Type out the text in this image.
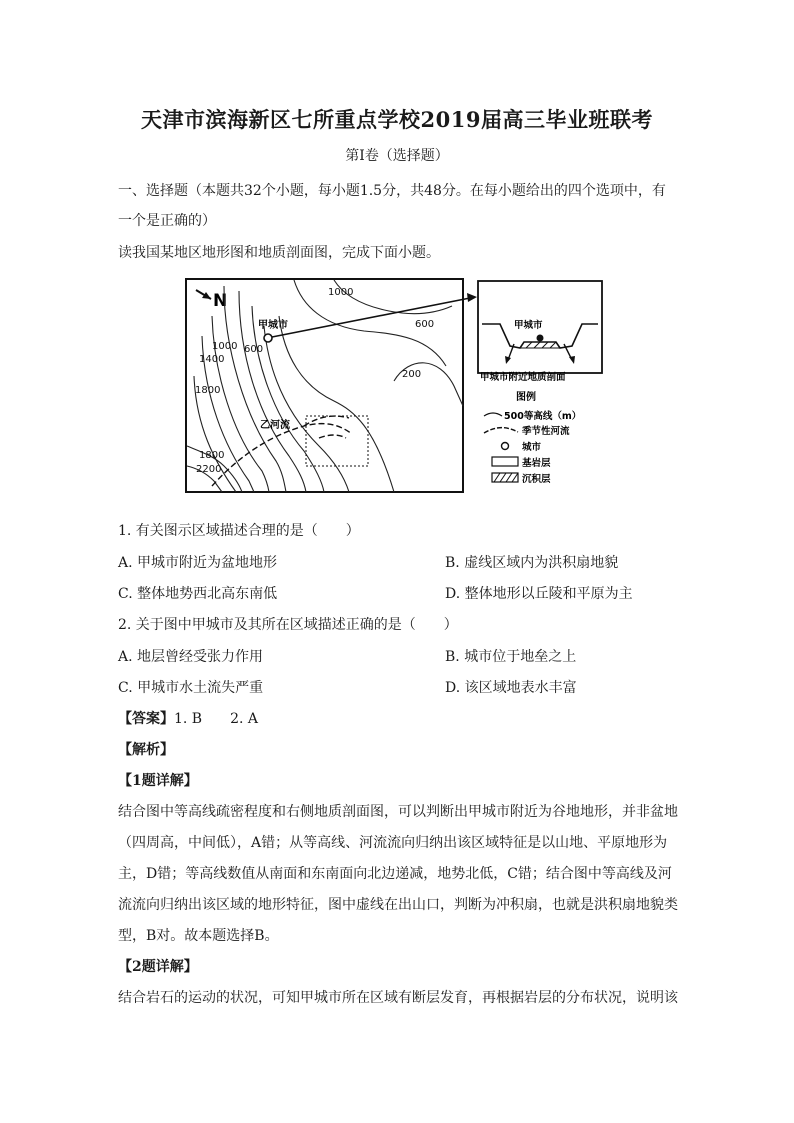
天津市滨海新区七所重点学校2019届高三毕业班联考
第Ⅰ卷（选择题）
一、选择题（本题共32个小题，每小题1.5分，共48分。在每小题给出的四个选项中，有
一个是正确的）
读我国某地区地形图和地质剖面图，完成下面小题。
N	1000
600
600
1000
1400
1800
200
1800
2200
甲城市
乙河流
甲城市
甲城市附近地质剖面
图例
500等高线（m）
季节性河流
城市
基岩层
沉积层
1. 有关图示区域描述合理的是（　　）
A. 甲城市附近为盆地地形	B. 虚线区域内为洪积扇地貌
C. 整体地势西北高东南低	D. 整体地形以丘陵和平原为主
2. 关于图中甲城市及其所在区域描述正确的是（　　）
A. 地层曾经受张力作用	B. 城市位于地垒之上
C. 甲城市水土流失严重	D. 该区域地表水丰富
【答案】1. B　　2. A
【解析】
【1题详解】
结合图中等高线疏密程度和右侧地质剖面图，可以判断出甲城市附近为谷地地形，并非盆地
（四周高，中间低），A错；从等高线、河流流向归纳出该区域特征是以山地、平原地形为
主，D错；等高线数值从南面和东南面向北边递减，地势北低，C错；结合图中等高线及河
流流向归纳出该区域的地形特征，图中虚线在出山口，判断为冲积扇，也就是洪积扇地貌类
型，B对。故本题选择B。
【2题详解】
结合岩石的运动的状况，可知甲城市所在区域有断层发育，再根据岩层的分布状况，说明该
